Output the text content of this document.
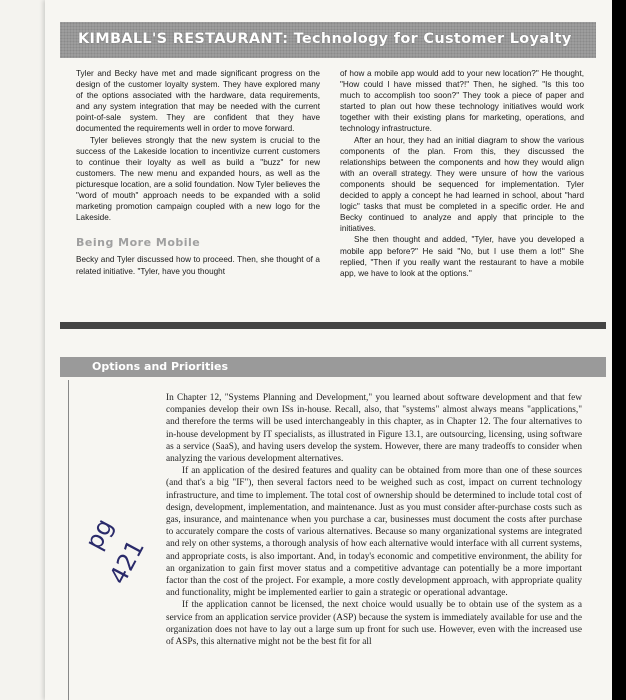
KIMBALL'S RESTAURANT: Technology for Customer Loyalty

Tyler and Becky have met and made significant progress on the design of the customer loyalty system. They have explored many of the options associated with the hardware, data requirements, and any system integration that may be needed with the current point-of-sale system. They are confident that they have documented the requirements well in order to move forward.

Tyler believes strongly that the new system is crucial to the success of the Lakeside location to incentivize current customers to continue their loyalty as well as build a "buzz" for new customers. The new menu and expanded hours, as well as the picturesque location, are a solid foundation. Now Tyler believes the "word of mouth" approach needs to be expanded with a solid marketing promotion campaign coupled with a new logo for the Lakeside.

Being More Mobile

Becky and Tyler discussed how to proceed. Then, she thought of a related initiative. "Tyler, have you thought

of how a mobile app would add to your new location?" He thought, "How could I have missed that?!" Then, he sighed. "Is this too much to accomplish too soon?" They took a piece of paper and started to plan out how these technology initiatives would work together with their existing plans for marketing, operations, and technology infrastructure.

After an hour, they had an initial diagram to show the various components of the plan. From this, they discussed the relationships between the components and how they would align with an overall strategy. They were unsure of how the various components should be sequenced for implementation. Tyler decided to apply a concept he had learned in school, about "hard logic" tasks that must be completed in a specific order. He and Becky continued to analyze and apply that principle to the initiatives.

She then thought and added, "Tyler, have you developed a mobile app before?" He said "No, but I use them a lot!" She replied, "Then if you really want the restaurant to have a mobile app, we have to look at the options."

Options and Priorities
pg
421

In Chapter 12, "Systems Planning and Development," you learned about software development and that few companies develop their own ISs in-house. Recall, also, that "systems" almost always means "applications," and therefore the terms will be used interchangeably in this chapter, as in Chapter 12. The four alternatives to in-house development by IT specialists, as illustrated in Figure 13.1, are outsourcing, licensing, using software as a service (SaaS), and having users develop the system. However, there are many tradeoffs to consider when analyzing the various development alternatives.

If an application of the desired features and quality can be obtained from more than one of these sources (and that's a big "IF"), then several factors need to be weighed such as cost, impact on current technology infrastructure, and time to implement. The total cost of ownership should be determined to include total cost of design, development, implementation, and maintenance. Just as you must consider after-purchase costs such as gas, insurance, and maintenance when you purchase a car, businesses must document the costs after purchase to accurately compare the costs of various alternatives. Because so many organizational systems are integrated and rely on other systems, a thorough analysis of how each alternative would interface with all current systems, and appropriate costs, is also important. And, in today's economic and competitive environment, the ability for an organization to gain first mover status and a competitive advantage can potentially be a more important factor than the cost of the project. For example, a more costly development approach, with appropriate quality and functionality, might be implemented earlier to gain a strategic or operational advantage.

If the application cannot be licensed, the next choice would usually be to obtain use of the system as a service from an application service provider (ASP) because the system is immediately available for use and the organization does not have to lay out a large sum up front for such use. However, even with the increased use of ASPs, this alternative might not be the best fit for all
